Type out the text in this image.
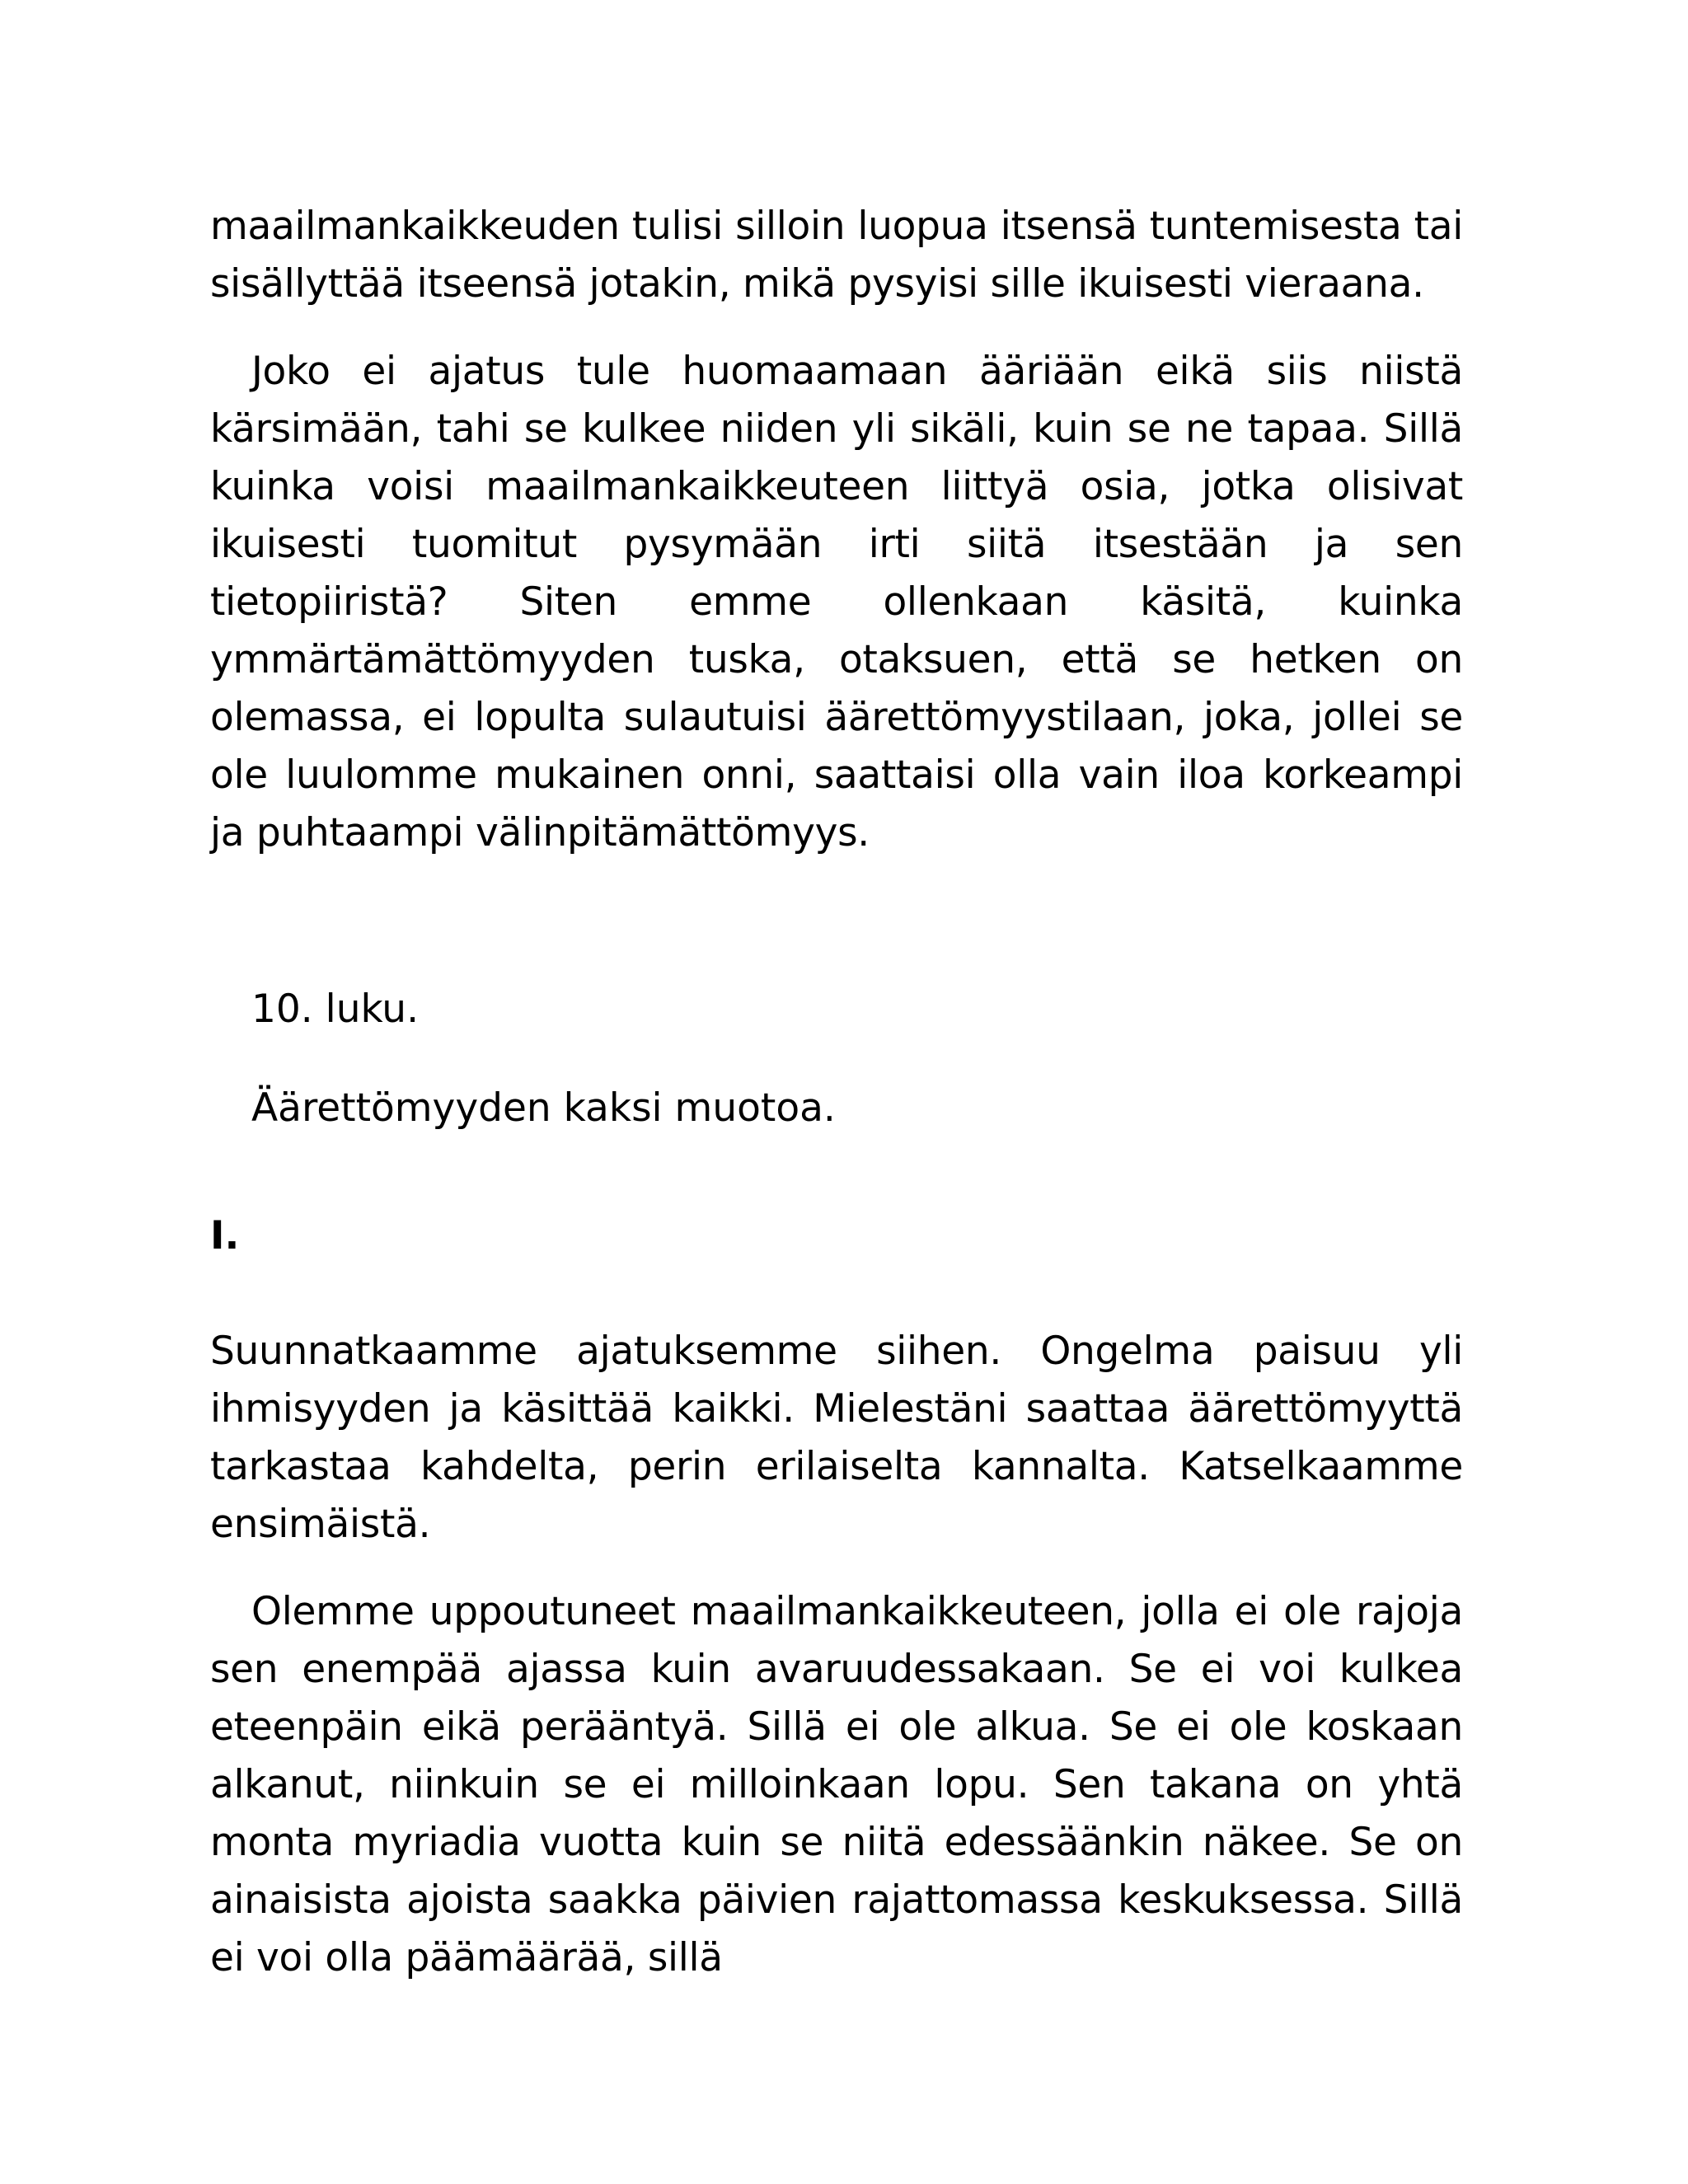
maailmankaikkeuden tulisi silloin luopua itsensä tuntemisesta tai sisällyttää itseensä jotakin, mikä pysyisi sille ikuisesti vieraana.

Joko ei ajatus tule huomaamaan ääriään eikä siis niistä kärsimään, tahi se kulkee niiden yli sikäli, kuin se ne tapaa. Sillä kuinka voisi maailmankaikkeuteen liittyä osia, jotka olisivat ikuisesti tuomitut pysymään irti siitä itsestään ja sen tietopiiristä? Siten emme ollenkaan käsitä, kuinka ymmärtämättömyyden tuska, otaksuen, että se hetken on olemassa, ei lopulta sulautuisi äärettömyystilaan, joka, jollei se ole luulomme mukainen onni, saattaisi olla vain iloa korkeampi ja puhtaampi välinpitämättömyys.

10. luku.

Äärettömyyden kaksi muotoa.

I.

Suunnatkaamme ajatuksemme siihen. Ongelma paisuu yli ihmisyyden ja käsittää kaikki. Mielestäni saattaa äärettömyyttä tarkastaa kahdelta, perin erilaiselta kannalta. Katselkaamme ensimäistä.

Olemme uppoutuneet maailmankaikkeuteen, jolla ei ole rajoja sen enempää ajassa kuin avaruudessakaan. Se ei voi kulkea eteenpäin eikä perääntyä. Sillä ei ole alkua. Se ei ole koskaan alkanut, niinkuin se ei milloinkaan lopu. Sen takana on yhtä monta myriadia vuotta kuin se niitä edessäänkin näkee. Se on ainaisista ajoista saakka päivien rajattomassa keskuksessa. Sillä ei voi olla päämäärää, sillä
